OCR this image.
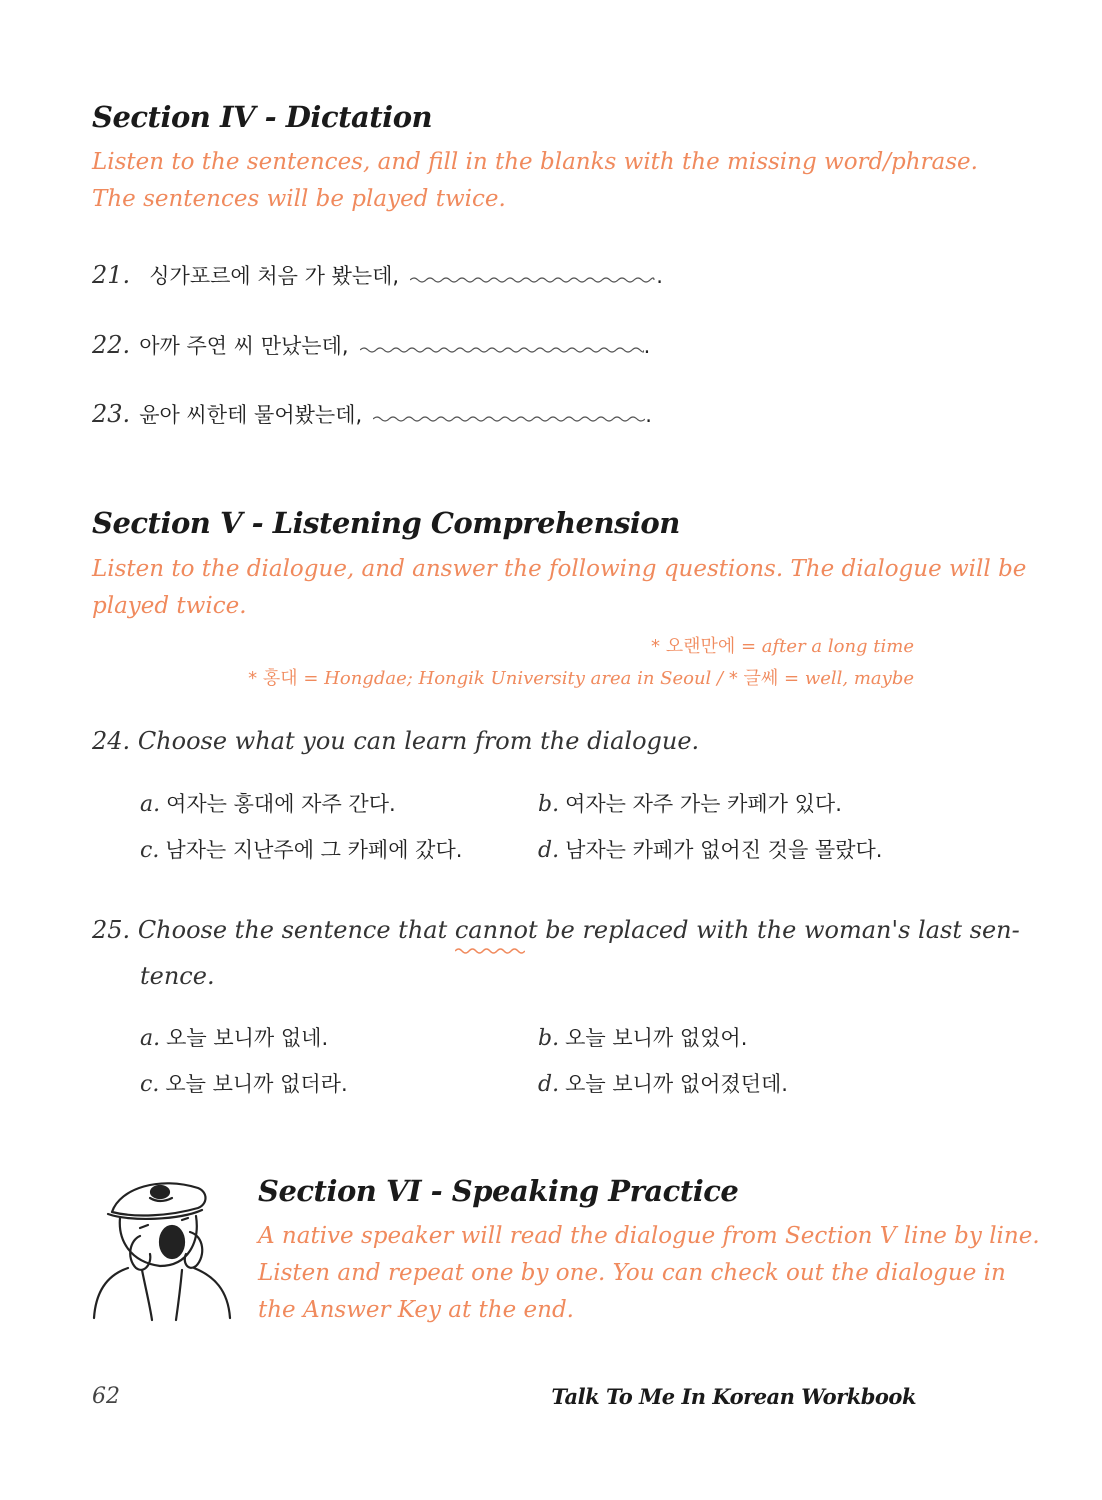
Section IV - Dictation
Listen to the sentences, and fill in the blanks with the missing word/phrase.
The sentences will be played twice.
21. 싱가포르에 처음 가 봤는데,	.
22. 아까 주연 씨 만났는데,	.
23. 윤아 씨한테 물어봤는데,	.
Section V - Listening Comprehension
Listen to the dialogue, and answer the following questions. The dialogue will be
played twice.
* 오랜만에 = after a long time
* 홍대 = Hongdae; Hongik University area in Seoul / * 글쎄 = well, maybe
24. Choose what you can learn from the dialogue.
a. 여자는 홍대에 자주 간다.	b. 여자는 자주 가는 카페가 있다.
c. 남자는 지난주에 그 카페에 갔다.	d. 남자는 카페가 없어진 것을 몰랐다.
25. Choose the sentence that cannot
be replaced with the woman's last sen-
tence.
a. 오늘 보니까 없네.	b. 오늘 보니까 없었어.
c. 오늘 보니까 없더라.	d. 오늘 보니까 없어졌던데.
Section VI - Speaking Practice
A native speaker will read the dialogue from Section V line by line.
Listen and repeat one by one. You can check out the dialogue in
the Answer Key at the end.
62	Talk To Me In Korean Workbook
